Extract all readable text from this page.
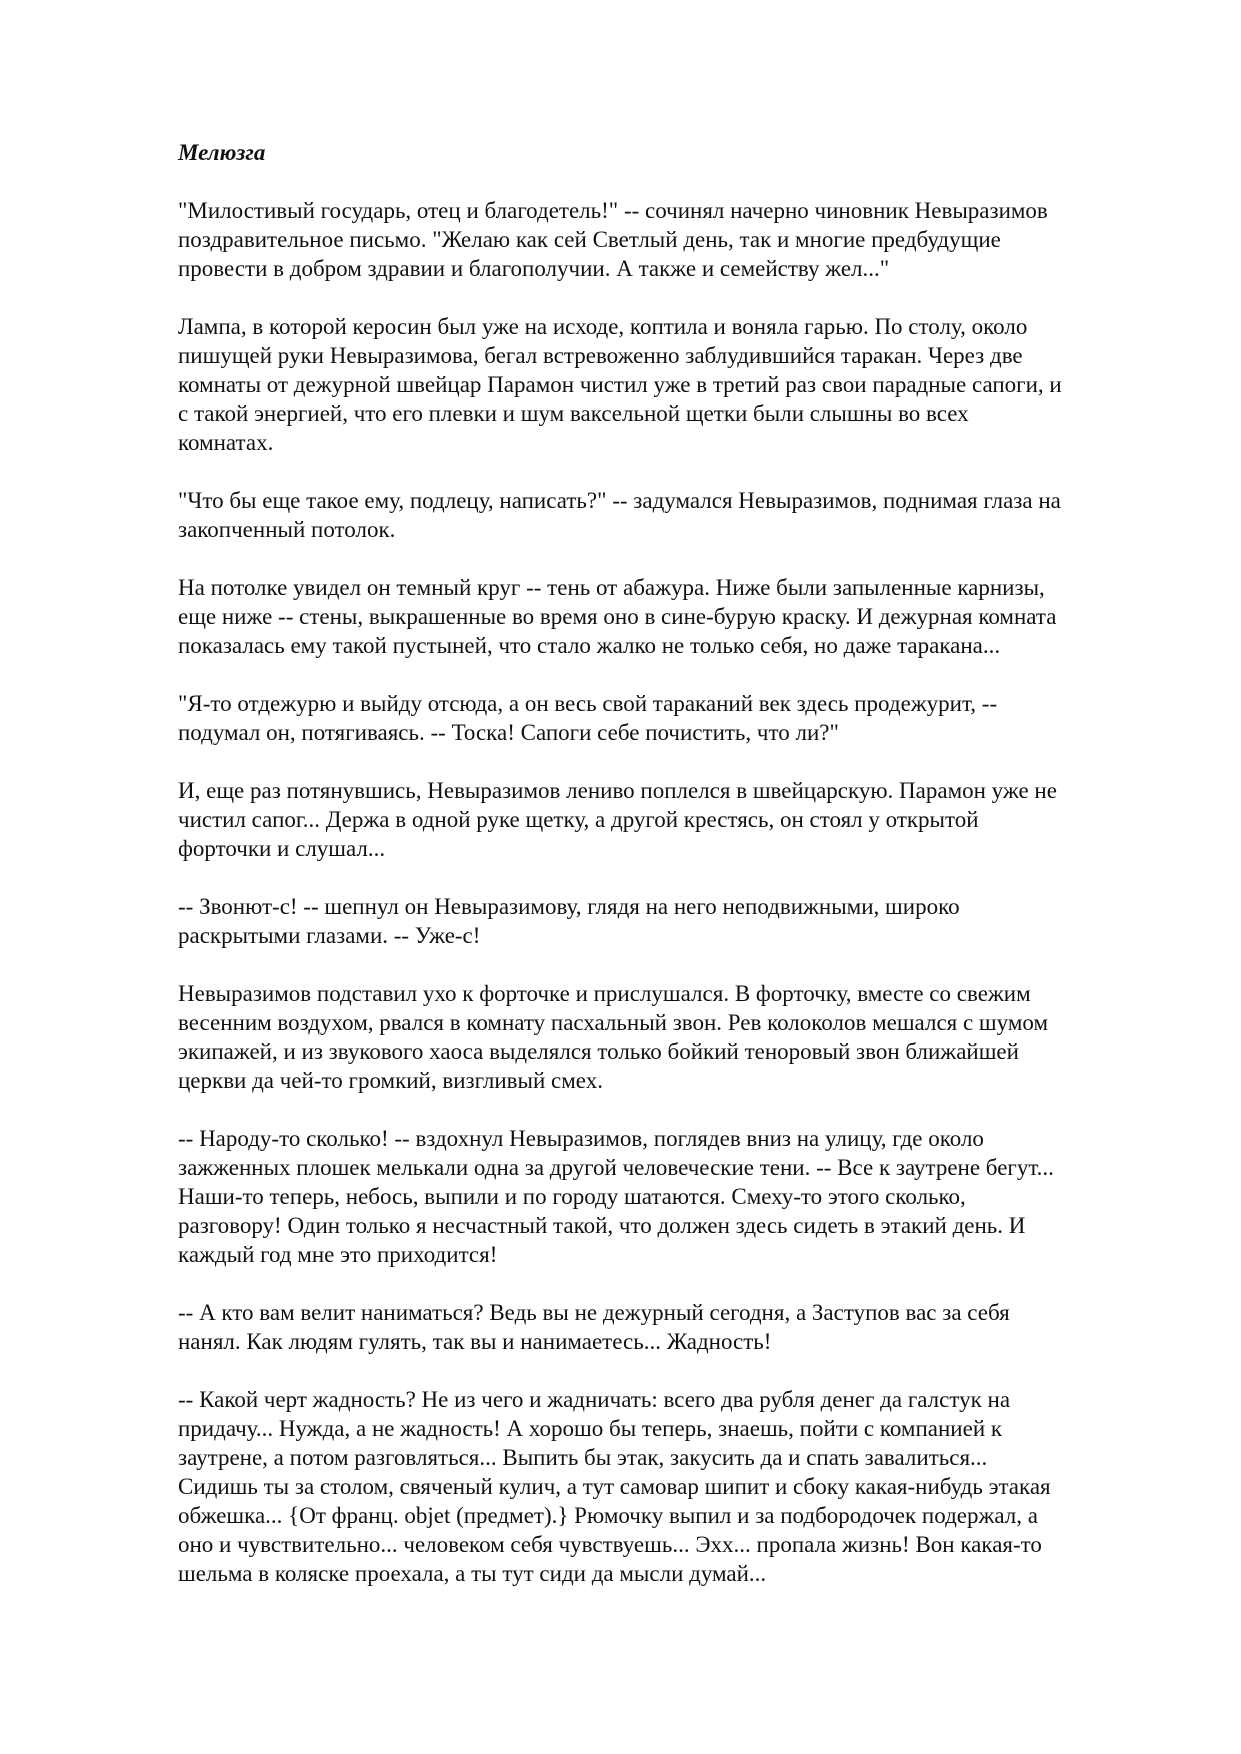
Мелюзга
"Милостивый государь, отец и благодетель!" -- сочинял начерно чиновник Невыразимов
поздравительное письмо. "Желаю как сей Светлый день, так и многие предбудущие
провести в добром здравии и благополучии. А также и семейству жел..."
Лампа, в которой керосин был уже на исходе, коптила и воняла гарью. По столу, около
пишущей руки Невыразимова, бегал встревоженно заблудившийся таракан. Через две
комнаты от дежурной швейцар Парамон чистил уже в третий раз свои парадные сапоги, и
с такой энергией, что его плевки и шум ваксельной щетки были слышны во всех
комнатах.
"Что бы еще такое ему, подлецу, написать?" -- задумался Невыразимов, поднимая глаза на
закопченный потолок.
На потолке увидел он темный круг -- тень от абажура. Ниже были запыленные карнизы,
еще ниже -- стены, выкрашенные во время оно в сине-бурую краску. И дежурная комната
показалась ему такой пустыней, что стало жалко не только себя, но даже таракана...
"Я-то отдежурю и выйду отсюда, а он весь свой тараканий век здесь продежурит, --
подумал он, потягиваясь. -- Тоска! Сапоги себе почистить, что ли?"
И, еще раз потянувшись, Невыразимов лениво поплелся в швейцарскую. Парамон уже не
чистил сапог... Держа в одной руке щетку, а другой крестясь, он стоял у открытой
форточки и слушал...
-- Звонют-с! -- шепнул он Невыразимову, глядя на него неподвижными, широко
раскрытыми глазами. -- Уже-с!
Невыразимов подставил ухо к форточке и прислушался. В форточку, вместе со свежим
весенним воздухом, рвался в комнату пасхальный звон. Рев колоколов мешался с шумом
экипажей, и из звукового хаоса выделялся только бойкий теноровый звон ближайшей
церкви да чей-то громкий, визгливый смех.
-- Народу-то сколько! -- вздохнул Невыразимов, поглядев вниз на улицу, где около
зажженных плошек мелькали одна за другой человеческие тени. -- Все к заутрене бегут...
Наши-то теперь, небось, выпили и по городу шатаются. Смеху-то этого сколько,
разговору! Один только я несчастный такой, что должен здесь сидеть в этакий день. И
каждый год мне это приходится!
-- А кто вам велит наниматься? Ведь вы не дежурный сегодня, а Заступов вас за себя
нанял. Как людям гулять, так вы и нанимаетесь... Жадность!
-- Какой черт жадность? Не из чего и жадничать: всего два рубля денег да галстук на
придачу... Нужда, а не жадность! А хорошо бы теперь, знаешь, пойти с компанией к
заутрене, а потом разговляться... Выпить бы этак, закусить да и спать завалиться...
Сидишь ты за столом, свяченый кулич, а тут самовар шипит и сбоку какая-нибудь этакая
обжешка... {От франц. objet (предмет).} Рюмочку выпил и за подбородочек подержал, а
оно и чувствительно... человеком себя чувствуешь... Эхх... пропала жизнь! Вон какая-то
шельма в коляске проехала, а ты тут сиди да мысли думай...
